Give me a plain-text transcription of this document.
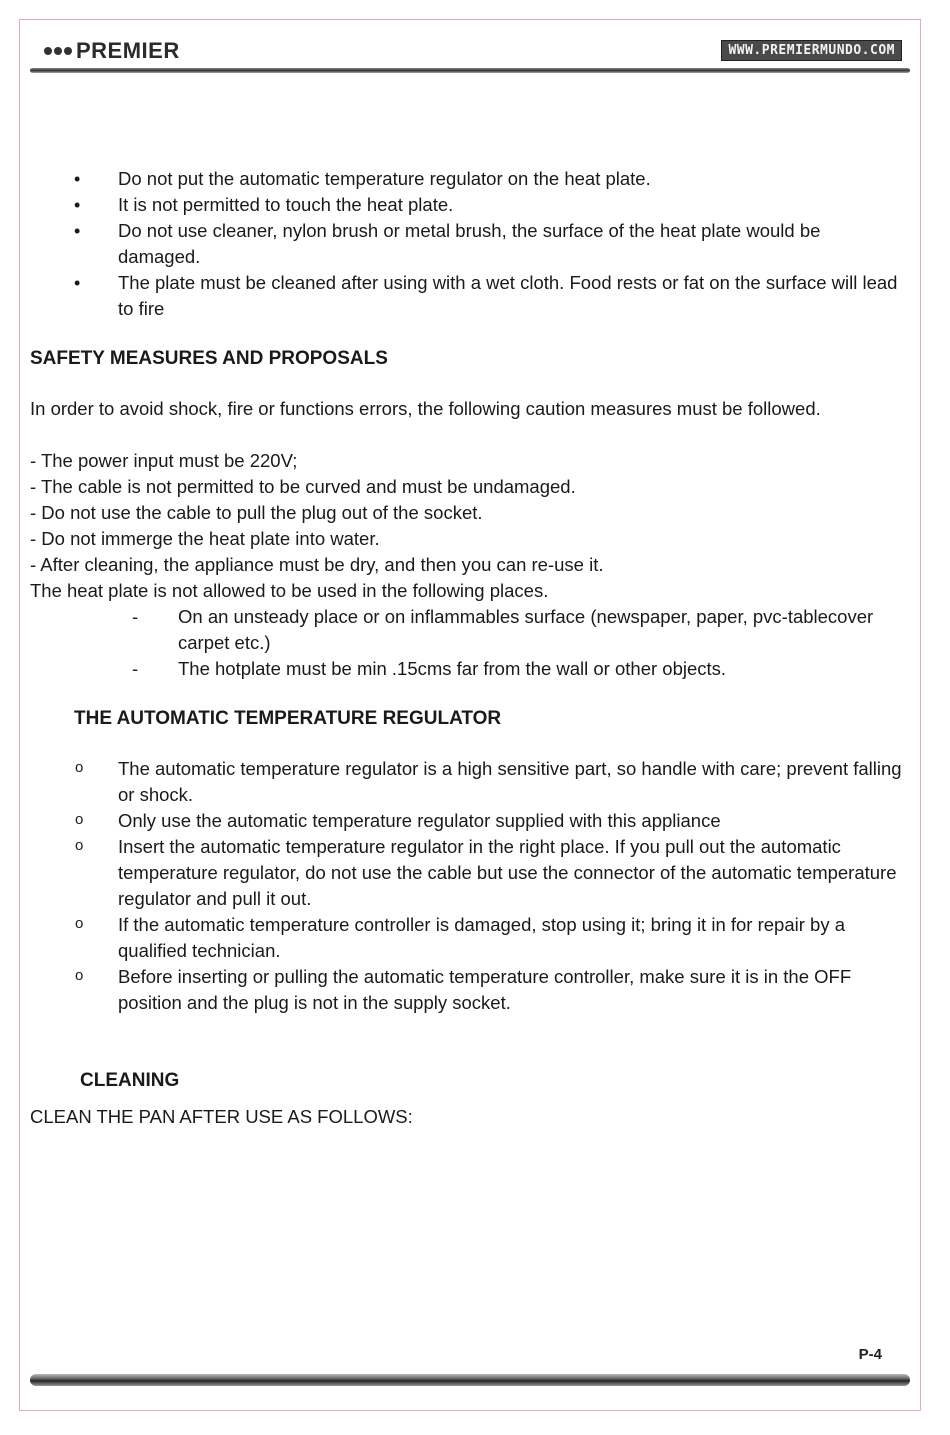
PREMIER	WWW.PREMIERMUNDO.COM
• Do not put the automatic temperature regulator on the heat plate.
• It is not permitted to touch the heat plate.
• Do not use cleaner, nylon brush or metal brush, the surface of the heat plate would be damaged.
• The plate must be cleaned after using with a wet cloth. Food rests or fat on the surface will lead to fire
SAFETY MEASURES AND PROPOSALS

In order to avoid shock, fire or functions errors, the following caution measures must be followed.

- The power input must be 220V;

- The cable is not permitted to be curved and must be undamaged.

- Do not use the cable to pull the plug out of the socket.

- Do not immerge the heat plate into water.

- After cleaning, the appliance must be dry, and then you can re-use it.

The heat plate is not allowed to be used in the following places.

- On an unsteady place or on inflammables surface (newspaper, paper, pvc-tablecover carpet etc.)
- The hotplate must be min .15cms far from the wall or other objects.
THE AUTOMATIC TEMPERATURE REGULATOR
o The automatic temperature regulator is a high sensitive part, so handle with care; prevent falling or shock.
o Only use the automatic temperature regulator supplied with this appliance
o Insert the automatic temperature regulator in the right place. If you pull out the automatic temperature regulator, do not use the cable but use the connector of the automatic temperature regulator and pull it out.
o If the automatic temperature controller is damaged, stop using it; bring it in for repair by a qualified technician.
o Before inserting or pulling the automatic temperature controller, make sure it is in the OFF position and the plug is not in the supply socket.
CLEANING

CLEAN THE PAN AFTER USE AS FOLLOWS:

P-4
